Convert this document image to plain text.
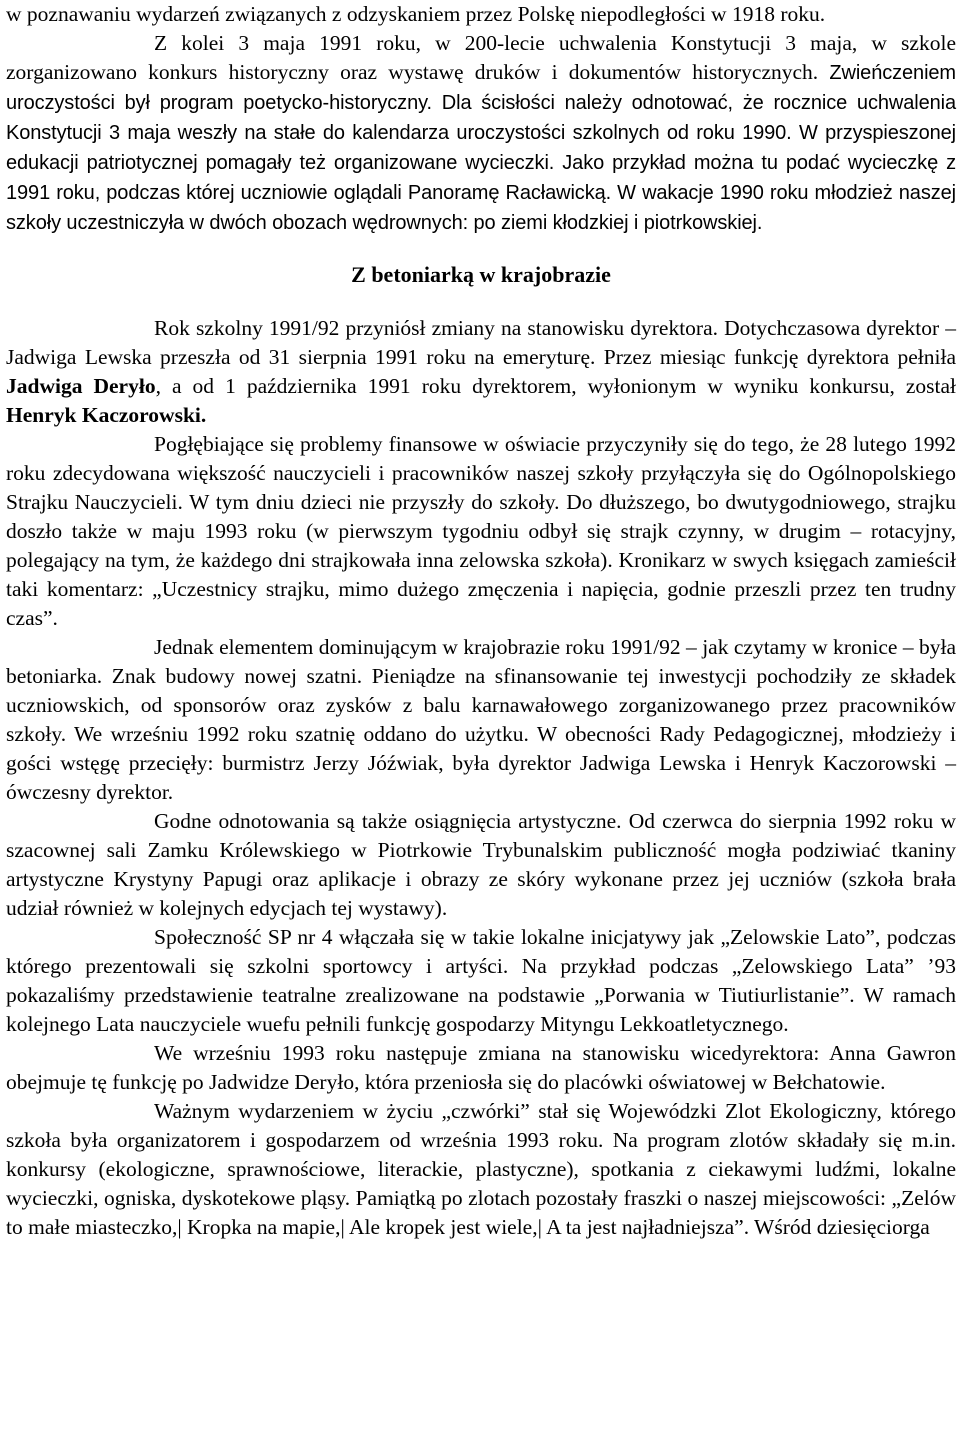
w poznawaniu wydarzeń związanych z odzyskaniem przez Polskę niepodległości w 1918 roku.

Z kolei 3 maja 1991 roku, w 200-lecie uchwalenia Konstytucji 3 maja, w szkole zorganizowano konkurs historyczny oraz wystawę druków i dokumentów historycznych. Zwieńczeniem uroczystości był program poetycko-historyczny. Dla ścisłości należy odnotować, że rocznice uchwalenia Konstytucji 3 maja weszły na stałe do kalendarza uroczystości szkolnych od roku 1990. W przyspieszonej edukacji patriotycznej pomagały też organizowane wycieczki. Jako przykład można tu podać wycieczkę z 1991 roku, podczas której uczniowie oglądali Panoramę Racławicką. W wakacje 1990 roku młodzież naszej szkoły uczestniczyła w dwóch obozach wędrownych: po ziemi kłodzkiej i piotrkowskiej.

Z betoniarką w krajobrazie

Rok szkolny 1991/92 przyniósł zmiany na stanowisku dyrektora. Dotychczasowa dyrektor – Jadwiga Lewska przeszła od 31 sierpnia 1991 roku na emeryturę. Przez miesiąc funkcję dyrektora pełniła Jadwiga Deryło, a od 1 października 1991 roku dyrektorem, wyłonionym w wyniku konkursu, został Henryk Kaczorowski.

Pogłębiające się problemy finansowe w oświacie przyczyniły się do tego, że 28 lutego 1992 roku zdecydowana większość nauczycieli i pracowników naszej szkoły przyłączyła się do Ogólnopolskiego Strajku Nauczycieli. W tym dniu dzieci nie przyszły do szkoły. Do dłuższego, bo dwutygodniowego, strajku doszło także w maju 1993 roku (w pierwszym tygodniu odbył się strajk czynny, w drugim – rotacyjny, polegający na tym, że każdego dni strajkowała inna zelowska szkoła). Kronikarz w swych księgach zamieścił taki komentarz: „Uczestnicy strajku, mimo dużego zmęczenia i napięcia, godnie przeszli przez ten trudny czas”.

Jednak elementem dominującym w krajobrazie roku 1991/92 – jak czytamy w kronice – była betoniarka. Znak budowy nowej szatni. Pieniądze na sfinansowanie tej inwestycji pochodziły ze składek uczniowskich, od sponsorów oraz zysków z balu karnawałowego zorganizowanego przez pracowników szkoły. We wrześniu 1992 roku szatnię oddano do użytku. W obecności Rady Pedagogicznej, młodzieży i gości wstęgę przecięły: burmistrz Jerzy Jóźwiak, była dyrektor Jadwiga Lewska i Henryk Kaczorowski – ówczesny dyrektor.

Godne odnotowania są także osiągnięcia artystyczne. Od czerwca do sierpnia 1992 roku w szacownej sali Zamku Królewskiego w Piotrkowie Trybunalskim publiczność mogła podziwiać tkaniny artystyczne Krystyny Papugi oraz aplikacje i obrazy ze skóry wykonane przez jej uczniów (szkoła brała udział również w kolejnych edycjach tej wystawy).

Społeczność SP nr 4 włączała się w takie lokalne inicjatywy jak „Zelowskie Lato”, podczas którego prezentowali się szkolni sportowcy i artyści. Na przykład podczas „Zelowskiego Lata” ’93 pokazaliśmy przedstawienie teatralne zrealizowane na podstawie „Porwania w Tiutiurlistanie”. W ramach kolejnego Lata nauczyciele wuefu pełnili funkcję gospodarzy Mityngu Lekkoatletycznego.

We wrześniu 1993 roku następuje zmiana na stanowisku wicedyrektora: Anna Gawron obejmuje tę funkcję po Jadwidze Deryło, która przeniosła się do placówki oświatowej w Bełchatowie.

Ważnym wydarzeniem w życiu „czwórki” stał się Wojewódzki Zlot Ekologiczny, którego szkoła była organizatorem i gospodarzem od września 1993 roku. Na program zlotów składały się m.in. konkursy (ekologiczne, sprawnościowe, literackie, plastyczne), spotkania z ciekawymi ludźmi, lokalne wycieczki, ogniska, dyskotekowe pląsy. Pamiątką po zlotach pozostały fraszki o naszej miejscowości: „Zelów to małe miasteczko,| Kropka na mapie,| Ale kropek jest wiele,| A ta jest najładniejsza”. Wśród dziesięciorga
